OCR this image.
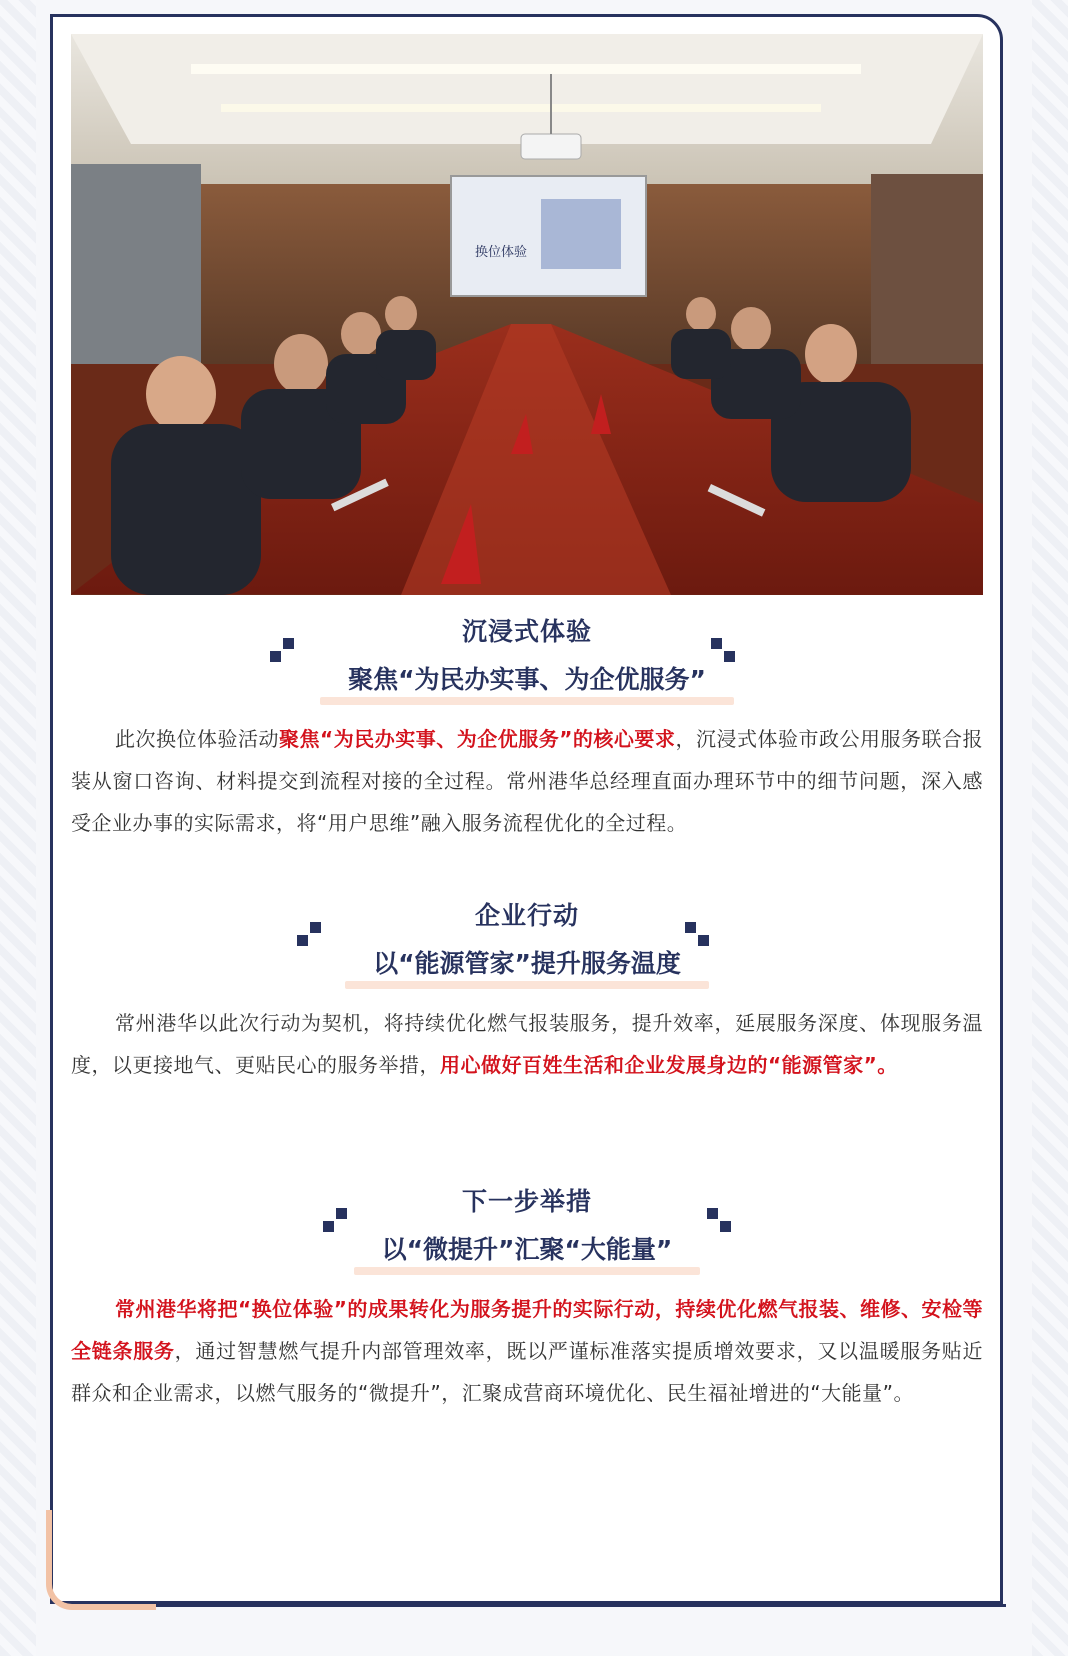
换位体验
沉浸式体验
聚焦“为民办实事、为企优服务”

此次换位体验活动聚焦“为民办实事、为企优服务”的核心要求，沉浸式体验市政公用服务联合报装从窗口咨询、材料提交到流程对接的全过程。常州港华总经理直面办理环节中的细节问题，深入感受企业办事的实际需求，将“用户思维”融入服务流程优化的全过程。

企业行动
以“能源管家”提升服务温度

常州港华以此次行动为契机，将持续优化燃气报装服务，提升效率，延展服务深度、体现服务温度，以更接地气、更贴民心的服务举措，用心做好百姓生活和企业发展身边的“能源管家”。

下一步举措
以“微提升”汇聚“大能量”

常州港华将把“换位体验”的成果转化为服务提升的实际行动，持续优化燃气报装、维修、安检等全链条服务，通过智慧燃气提升内部管理效率，既以严谨标准落实提质增效要求，又以温暖服务贴近群众和企业需求，以燃气服务的“微提升”，汇聚成营商环境优化、民生福祉增进的“大能量”。
